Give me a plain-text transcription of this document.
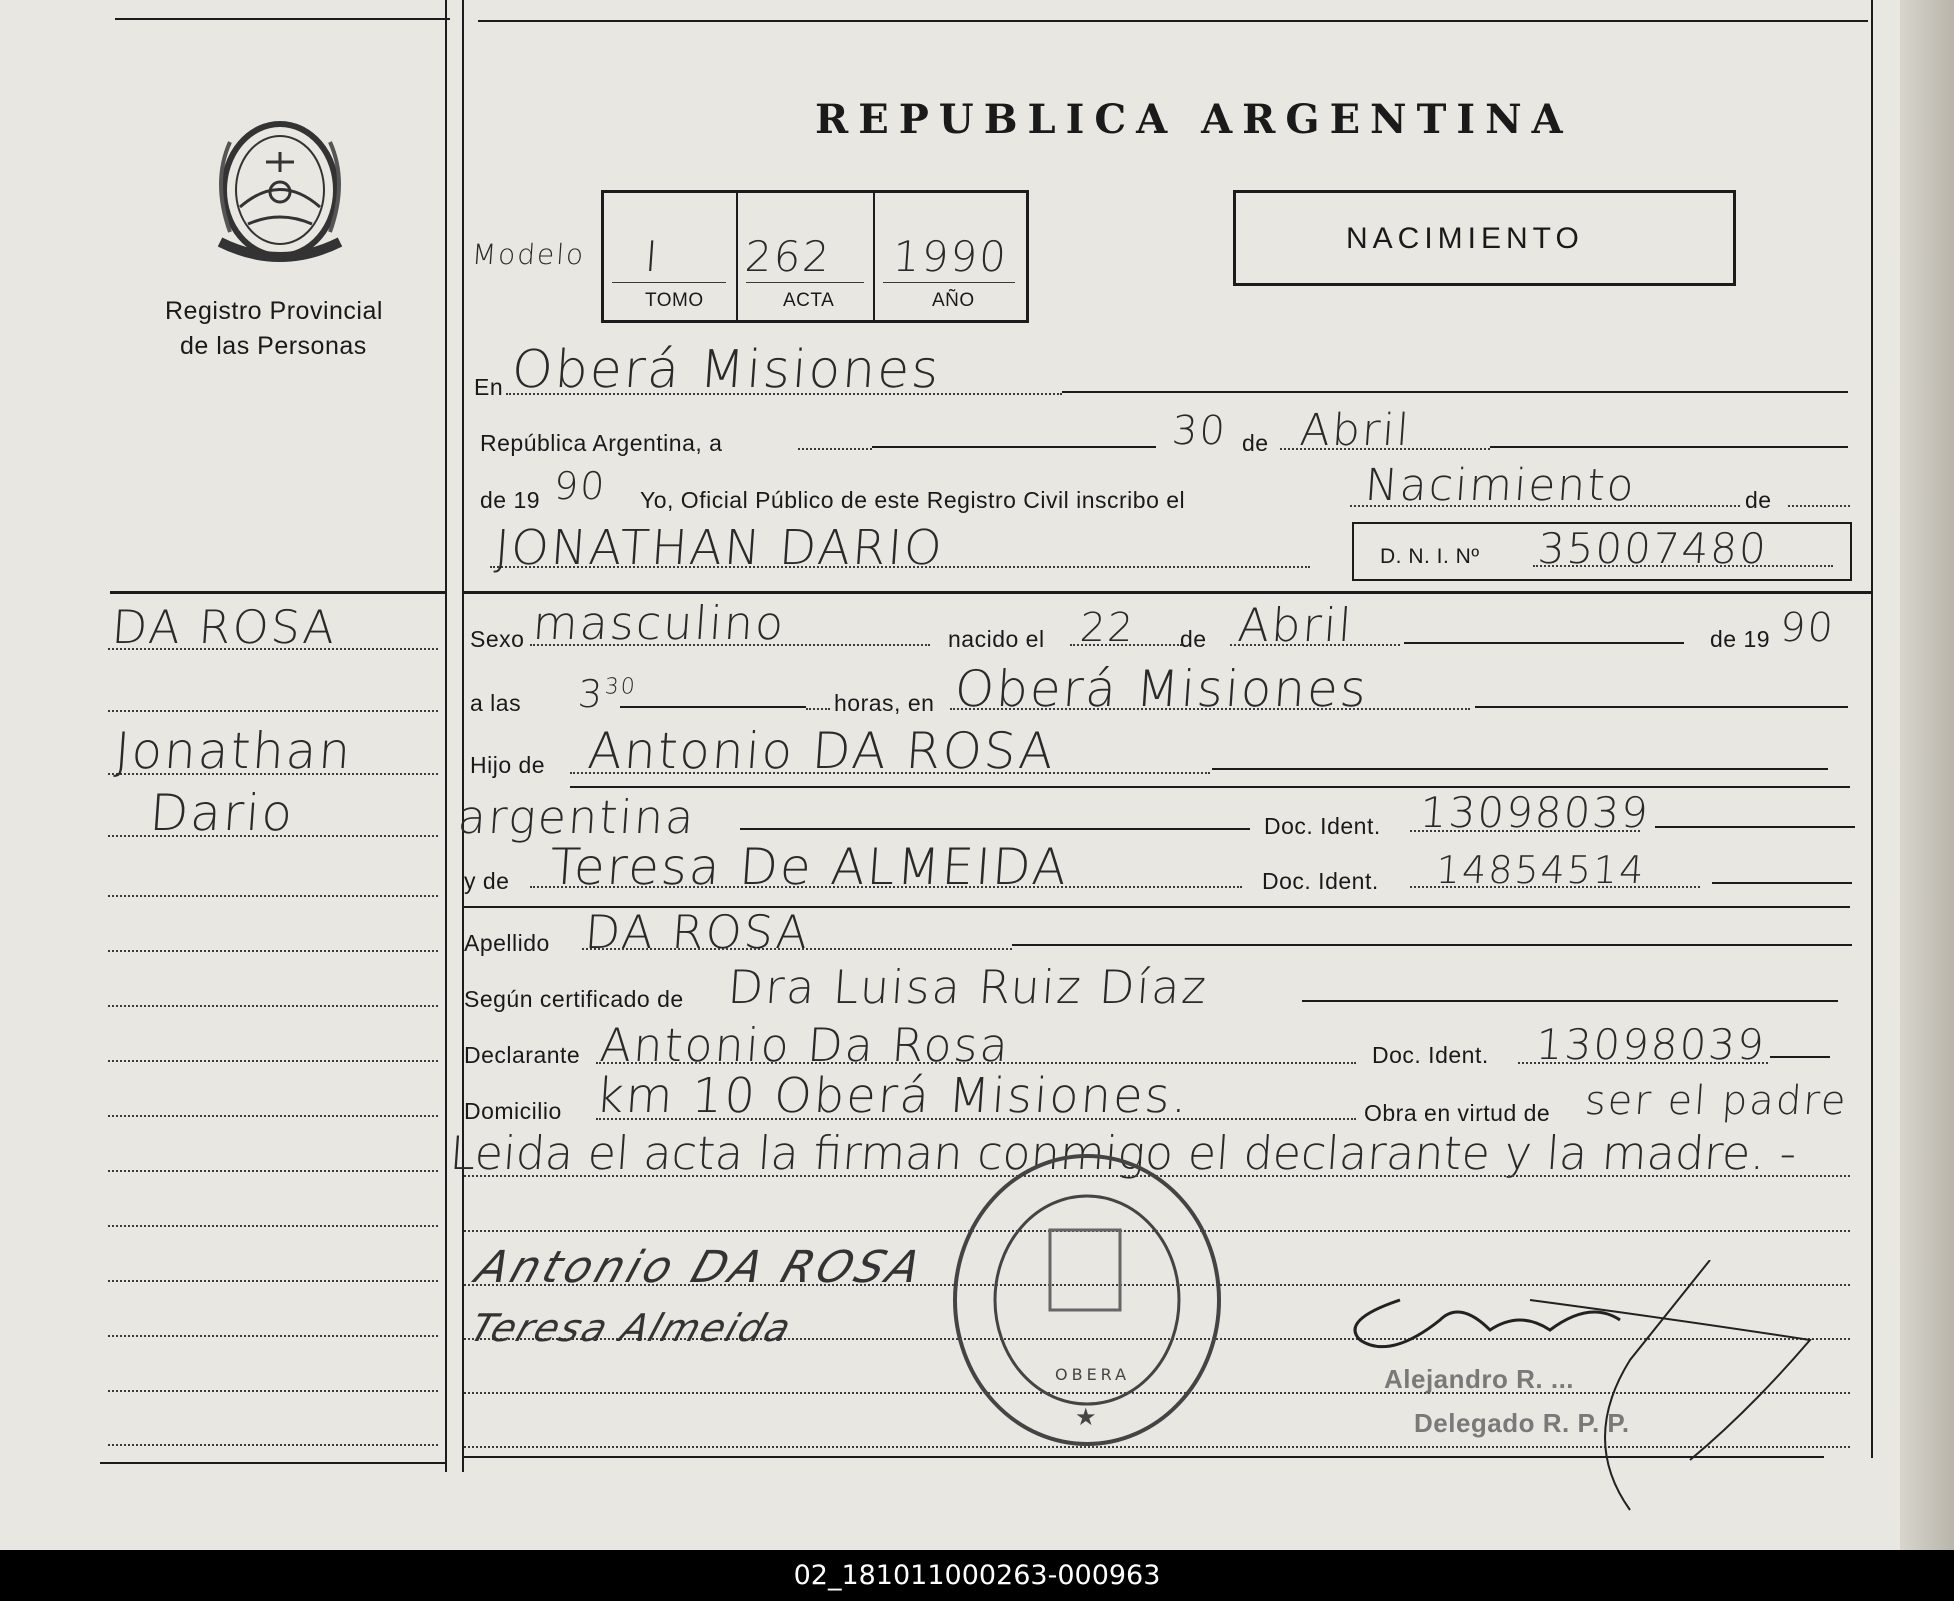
Registro Provincial
de las Personas
REPUBLICA ARGENTINA
Modelo I 262 1990
TOMO	ACTA	AÑO
NACIMIENTO
En Oberá Misiones
República Argentina, a	30 de Abril
de 19 90 Yo, Oficial Público de este Registro Civil inscribo el	Nacimiento	de
JONATHAN DARIO	D. N. I. Nº 35007480
Sexo masculino	nacido el 22 de Abril	de 19 90
a las $3^{30}$
horas, en Oberá Misiones
Hijo de Antonio DA ROSA
argentina	Doc. Ident. 13098039
y de Teresa De ALMEIDA	Doc. Ident. 14854514
Apellido DA ROSA
Según certificado de Dra Luisa Ruiz Díaz
Declarante Antonio Da Rosa	Doc. Ident. 13098039
Domicilio km 10 Oberá Misiones.	Obra en virtud de ser el padre
Leida el acta la firman conmigo el declarante y la madre. -
Antonio DA ROSA
Teresa Almeida
Alejandro R. ...
Delegado R. P. P.
★
OBERA
DA ROSA
Jonathan
Dario
02_181011000263-000963
